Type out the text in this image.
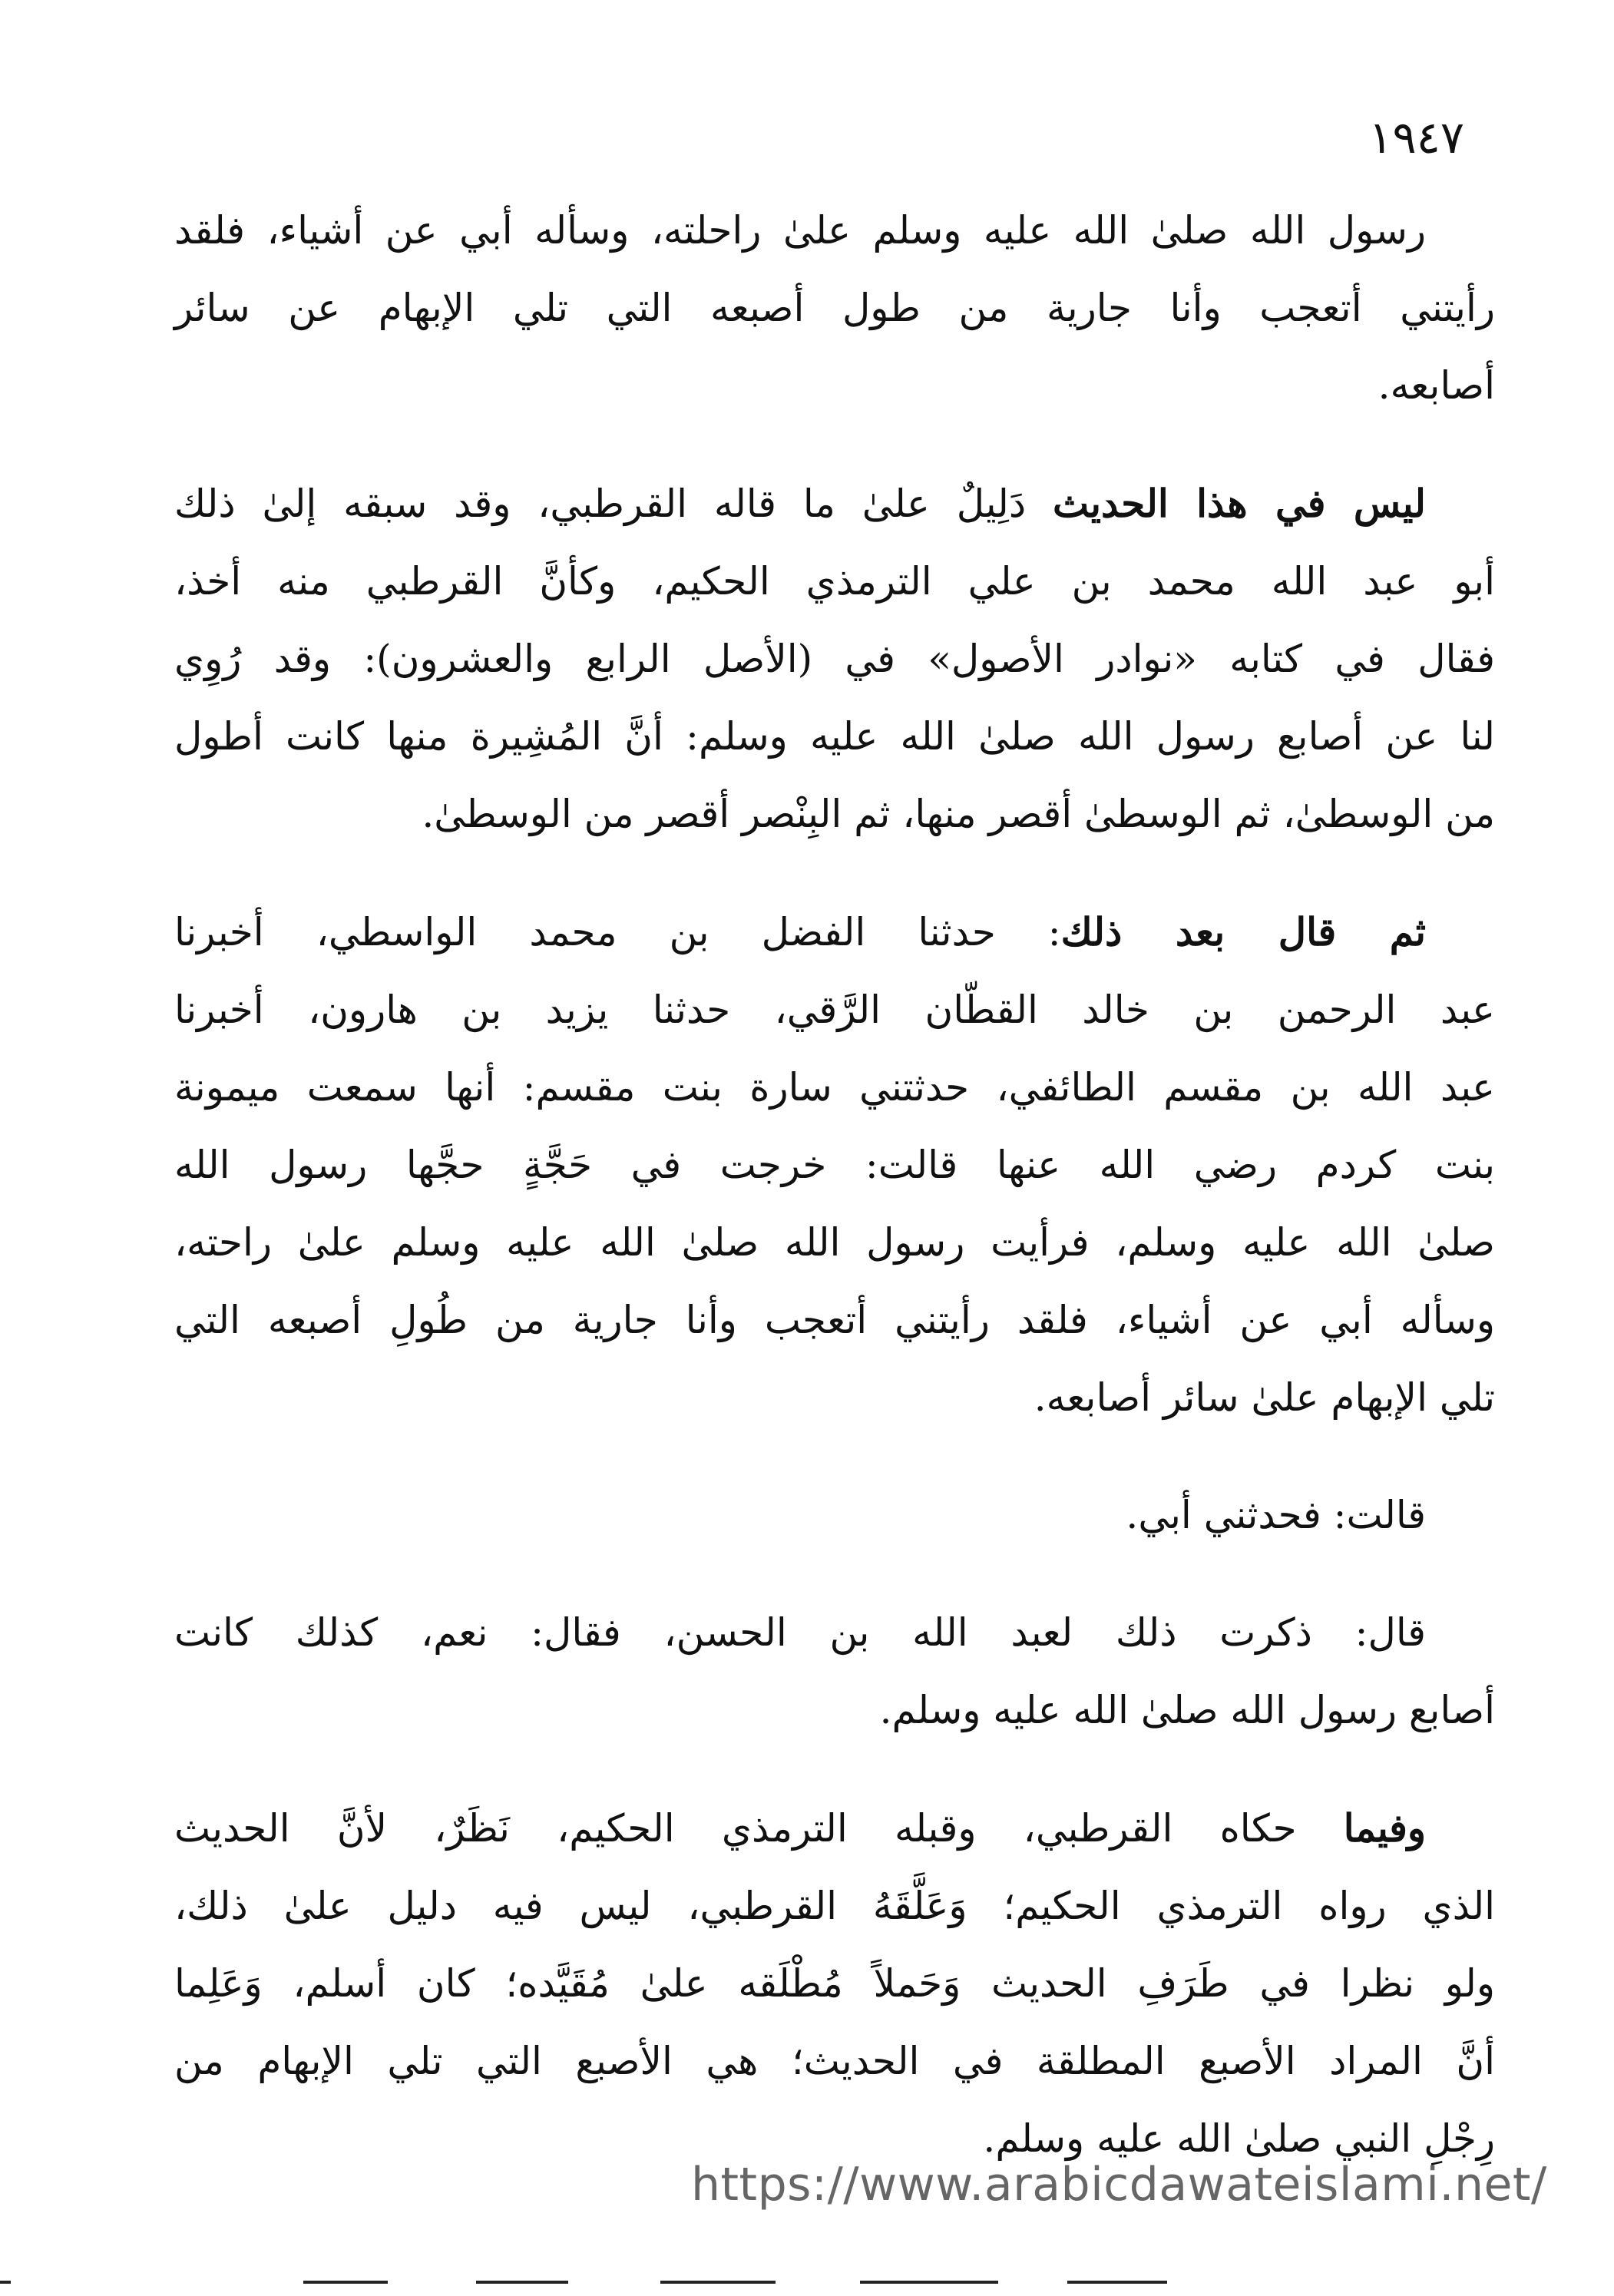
١٩٤٧
رسول الله صلىٰ الله عليه وسلم علىٰ راحلته، وسأله أبي عن أشياء، فلقد
رأيتني أتعجب وأنا جارية من طول أصبعه التي تلي الإبهام عن سائر
أصابعه.
ليس في هذا الحديث دَلِيلٌ علىٰ ما قاله القرطبي، وقد سبقه إلىٰ ذلك
أبو عبد الله محمد بن علي الترمذي الحكيم، وكأنَّ القرطبي منه أخذ،
فقال في كتابه «نوادر الأصول» في (الأصل الرابع والعشرون): وقد رُوِي
لنا عن أصابع رسول الله صلىٰ الله عليه وسلم: أنَّ المُشِيرة منها كانت أطول
من الوسطىٰ، ثم الوسطىٰ أقصر منها، ثم البِنْصر أقصر من الوسطىٰ.
ثم قال بعد ذلك: حدثنا الفضل بن محمد الواسطي، أخبرنا
عبد الرحمن بن خالد القطّان الرَّقي، حدثنا يزيد بن هارون، أخبرنا
عبد الله بن مقسم الطائفي، حدثتني سارة بنت مقسم: أنها سمعت ميمونة
بنت كردم رضي الله عنها قالت: خرجت في حَجَّةٍ حجَّها رسول الله
صلىٰ الله عليه وسلم، فرأيت رسول الله صلىٰ الله عليه وسلم علىٰ راحته،
وسأله أبي عن أشياء، فلقد رأيتني أتعجب وأنا جارية من طُولِ أصبعه التي
تلي الإبهام علىٰ سائر أصابعه.
قالت: فحدثني أبي.
قال: ذكرت ذلك لعبد الله بن الحسن، فقال: نعم، كذلك كانت
أصابع رسول الله صلىٰ الله عليه وسلم.
وفيما حكاه القرطبي، وقبله الترمذي الحكيم، نَظَرٌ، لأنَّ الحديث
الذي رواه الترمذي الحكيم؛ وَعَلَّقَهُ القرطبي، ليس فيه دليل علىٰ ذلك،
ولو نظرا في طَرَفِ الحديث وَحَملاً مُطْلَقه علىٰ مُقَيَّده؛ كان أسلم، وَعَلِما
أنَّ المراد الأصبع المطلقة في الحديث؛ هي الأصبع التي تلي الإبهام من
رِجْلِ النبي صلىٰ الله عليه وسلم.
https://www.arabicdawateislami.net/
